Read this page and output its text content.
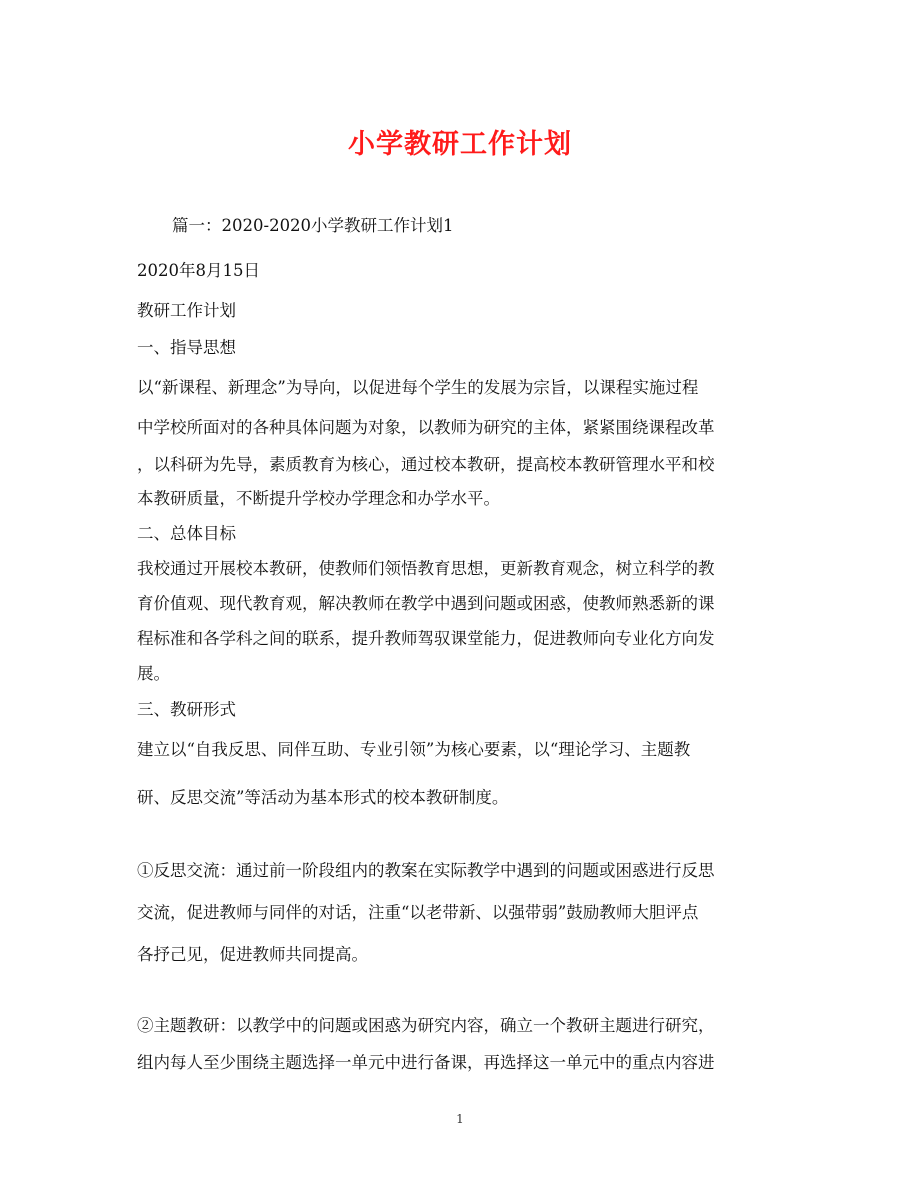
小学教研工作计划
篇一：2020-2020小学教研工作计划1
2020年8月15日
教研工作计划
一、指导思想
以“新课程、新理念”为导向，以促进每个学生的发展为宗旨，以课程实施过程
中学校所面对的各种具体问题为对象，以教师为研究的主体，紧紧围绕课程改革
，以科研为先导，素质教育为核心，通过校本教研，提高校本教研管理水平和校
本教研质量，不断提升学校办学理念和办学水平。
二、总体目标
我校通过开展校本教研，使教师们领悟教育思想，更新教育观念，树立科学的教
育价值观、现代教育观，解决教师在教学中遇到问题或困惑，使教师熟悉新的课
程标准和各学科之间的联系，提升教师驾驭课堂能力，促进教师向专业化方向发
展。
三、教研形式
建立以“自我反思、同伴互助、专业引领”为核心要素，以“理论学习、主题教
研、反思交流”等活动为基本形式的校本教研制度。
①反思交流：通过前一阶段组内的教案在实际教学中遇到的问题或困惑进行反思
交流，促进教师与同伴的对话，注重“以老带新、以强带弱”鼓励教师大胆评点
各抒己见，促进教师共同提高。
②主题教研：以教学中的问题或困惑为研究内容，确立一个教研主题进行研究，
组内每人至少围绕主题选择一单元中进行备课，再选择这一单元中的重点内容进
1
